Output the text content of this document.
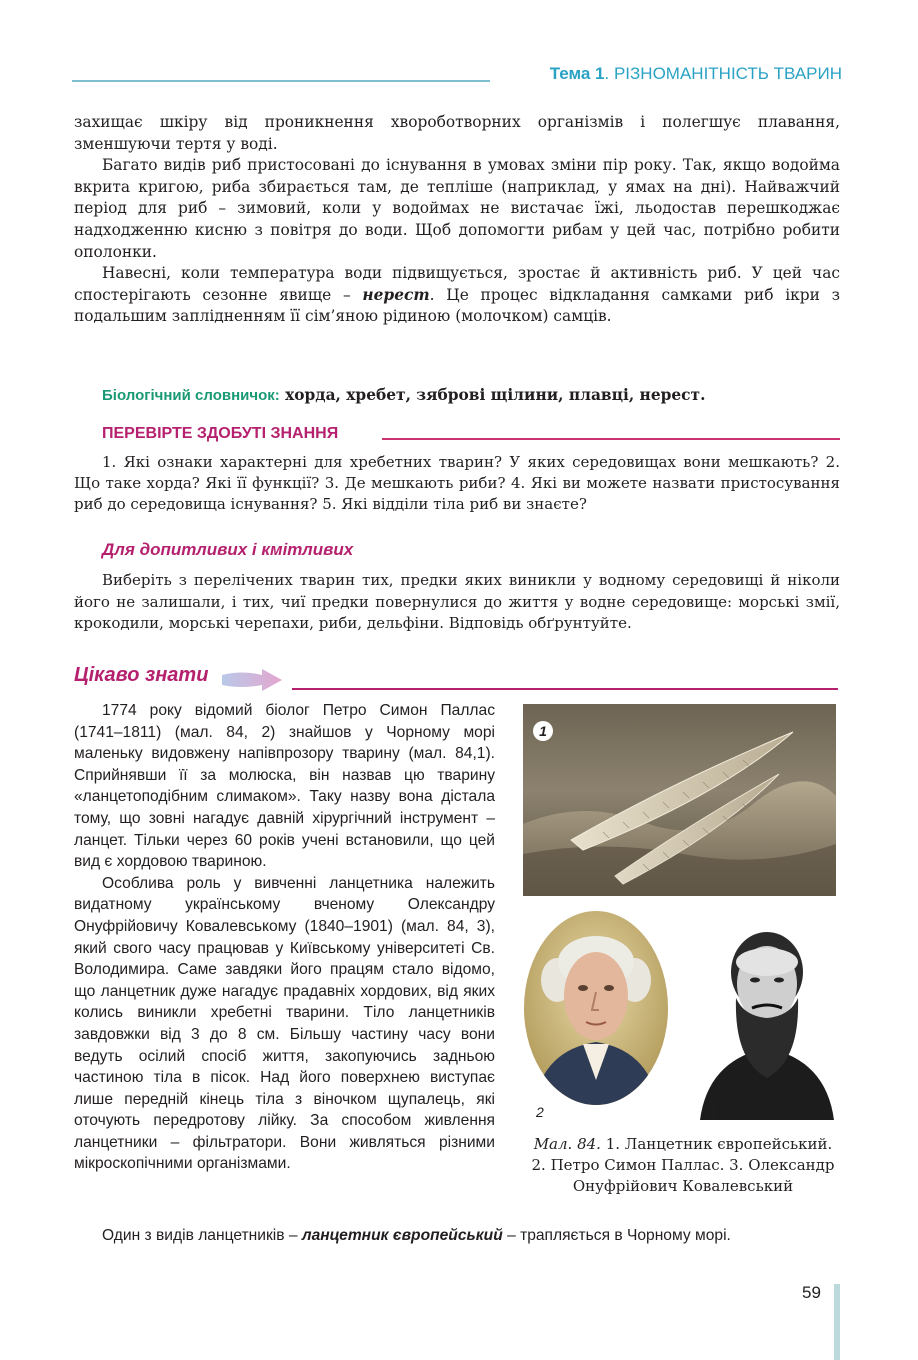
Тема 1. РІЗНОМАНІТНІСТЬ ТВАРИН

захищає шкіру від проникнення хвороботворних організмів і полегшує плавання, зменшуючи тертя у воді.

Багато видів риб пристосовані до існування в умовах зміни пір року. Так, якщо водойма вкрита кригою, риба збирається там, де тепліше (наприклад, у ямах на дні). Найважчий період для риб – зимовий, коли у водоймах не вистачає їжі, льодостав перешкоджає надходженню кисню з повітря до води. Щоб допомогти рибам у цей час, потрібно робити ополонки.

Навесні, коли температура води підвищується, зростає й активність риб. У цей час спостерігають сезонне явище – нерест. Це процес відкладання самками риб ікри з подальшим заплідненням її сім’яною рідиною (молочком) самців.

Біологічний словничок: хорда, хребет, зяброві щілини, плавці, нерест.
ПЕРЕВІРТЕ ЗДОБУТІ ЗНАННЯ
1. Які ознаки характерні для хребетних тварин? У яких середовищах вони мешкають? 2. Що таке хорда? Які її функції? 3. Де мешкають риби? 4. Які ви можете назвати пристосування риб до середовища існування? 5. Які відділи тіла риб ви знаєте?
Для допитливих і кмітливих
Виберіть з перелічених тварин тих, предки яких виникли у водному середовищі й ніколи його не залишали, і тих, чиї предки повернулися до життя у водне середовище: морські змії, крокодили, морські черепахи, риби, дельфіни. Відповідь обґрунтуйте.
Цікаво знати

1774 року відомий біолог Петро Симон Паллас (1741–1811) (мал. 84, 2) знайшов у Чорному морі маленьку видовжену напівпрозору тварину (мал. 84,1). Сприйнявши її за молюска, він назвав цю тварину «ланцетоподібним слимаком». Таку назву вона дістала тому, що зовні нагадує давній хірургічний інструмент – ланцет. Тільки через 60 років учені встановили, що цей вид є хордовою твариною.

Особлива роль у вивченні ланцетника належить видатному українському вченому Олександру Онуфрійовичу Ковалевському (1840–1901) (мал. 84, 3), який свого часу працював у Київському університеті Св. Володимира. Саме завдяки його працям стало відомо, що ланцетник дуже нагадує прадавніх хордових, від яких колись виникли хребетні тварини. Тіло ланцетників завдовжки від 3 до 8 см. Більшу частину часу вони ведуть осілий спосіб життя, закопуючись задньою частиною тіла в пісок. Над його поверхнею виступає лише передній кінець тіла з віночком щупалець, які оточують передротову лійку. За способом живлення ланцетники – фільтратори. Вони живляться різними мікроскопічними організмами.

Один з видів ланцетників – ланцетник європейський – трапляється в Чорному морі.

1
2	3
Мал. 84. 1. Ланцетник європейський. 2. Петро Симон Паллас. 3. Олександр Онуфрійович Ковалевський
59
